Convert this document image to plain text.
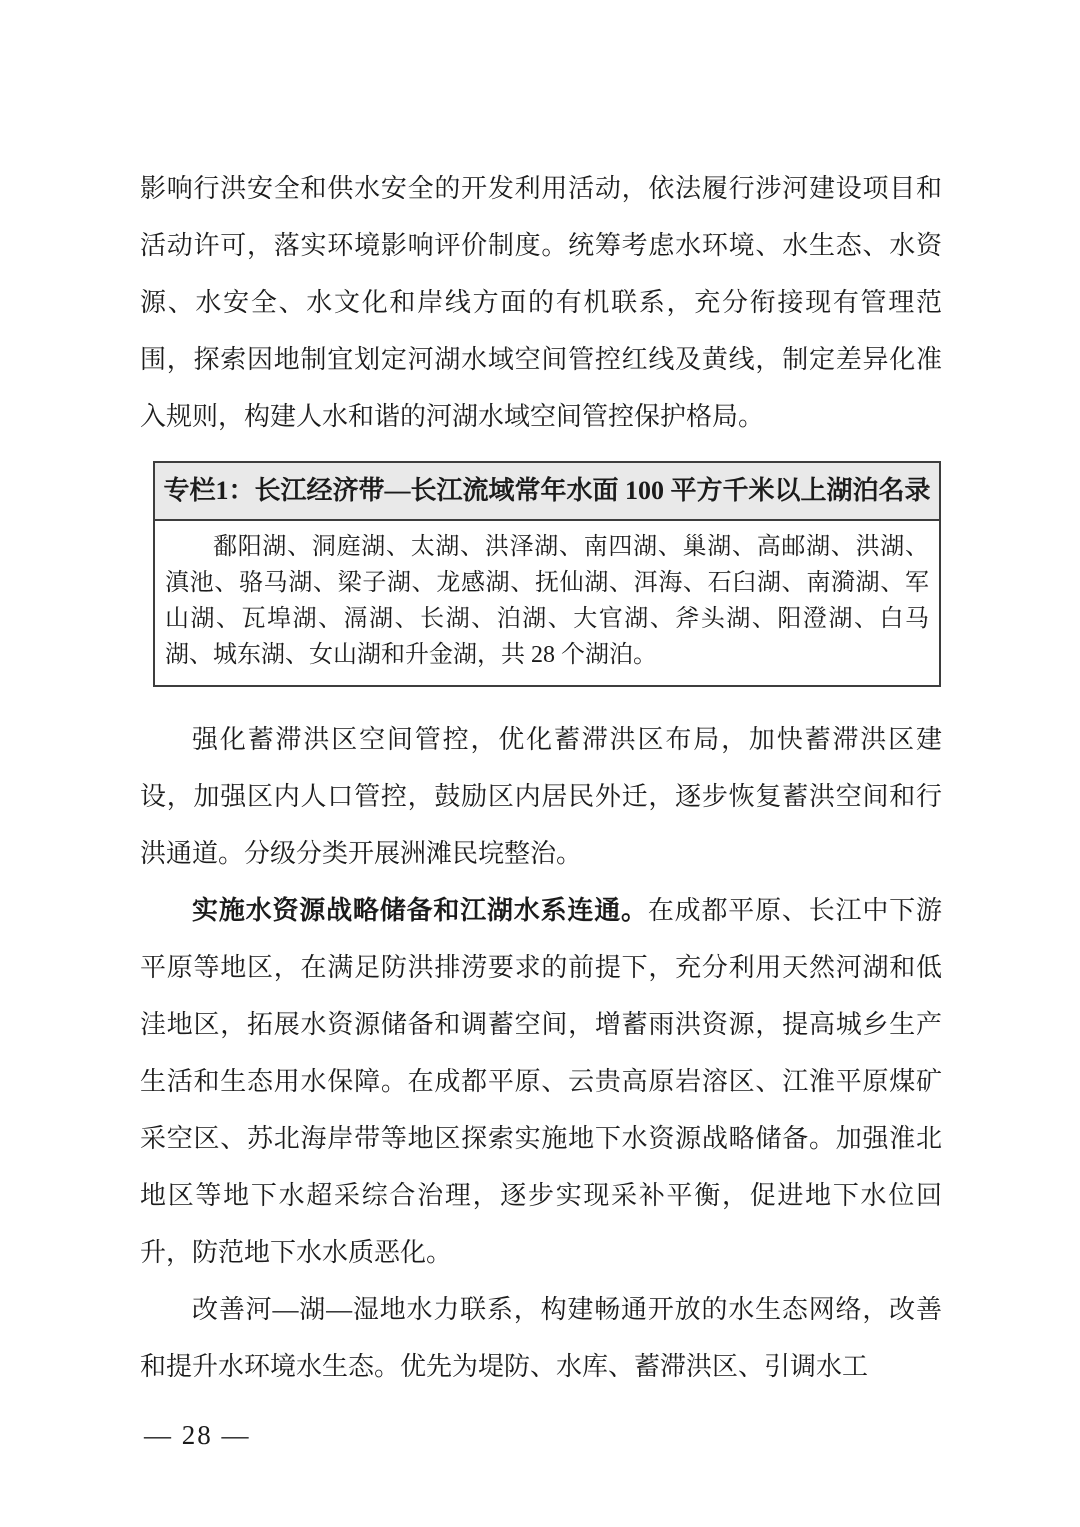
影响行洪安全和供水安全的开发利用活动，依法履行涉河建设项目和活动许可，落实环境影响评价制度。统筹考虑水环境、水生态、水资源、水安全、水文化和岸线方面的有机联系，充分衔接现有管理范围，探索因地制宜划定河湖水域空间管控红线及黄线，制定差异化准入规则，构建人水和谐的河湖水域空间管控保护格局。

专栏1：长江经济带—长江流域常年水面 100 平方千米以上湖泊名录
鄱阳湖、洞庭湖、太湖、洪泽湖、南四湖、巢湖、高邮湖、洪湖、滇池、骆马湖、梁子湖、龙感湖、抚仙湖、洱海、石臼湖、南漪湖、军山湖、瓦埠湖、滆湖、长湖、泊湖、大官湖、斧头湖、阳澄湖、白马湖、城东湖、女山湖和升金湖，共 28 个湖泊。

强化蓄滞洪区空间管控，优化蓄滞洪区布局，加快蓄滞洪区建设，加强区内人口管控，鼓励区内居民外迁，逐步恢复蓄洪空间和行洪通道。分级分类开展洲滩民垸整治。

实施水资源战略储备和江湖水系连通。在成都平原、长江中下游平原等地区，在满足防洪排涝要求的前提下，充分利用天然河湖和低洼地区，拓展水资源储备和调蓄空间，增蓄雨洪资源，提高城乡生产生活和生态用水保障。在成都平原、云贵高原岩溶区、江淮平原煤矿采空区、苏北海岸带等地区探索实施地下水资源战略储备。加强淮北地区等地下水超采综合治理，逐步实现采补平衡，促进地下水位回升，防范地下水水质恶化。

改善河—湖—湿地水力联系，构建畅通开放的水生态网络，改善和提升水环境水生态。优先为堤防、水库、蓄滞洪区、引调水工

— 28 —
